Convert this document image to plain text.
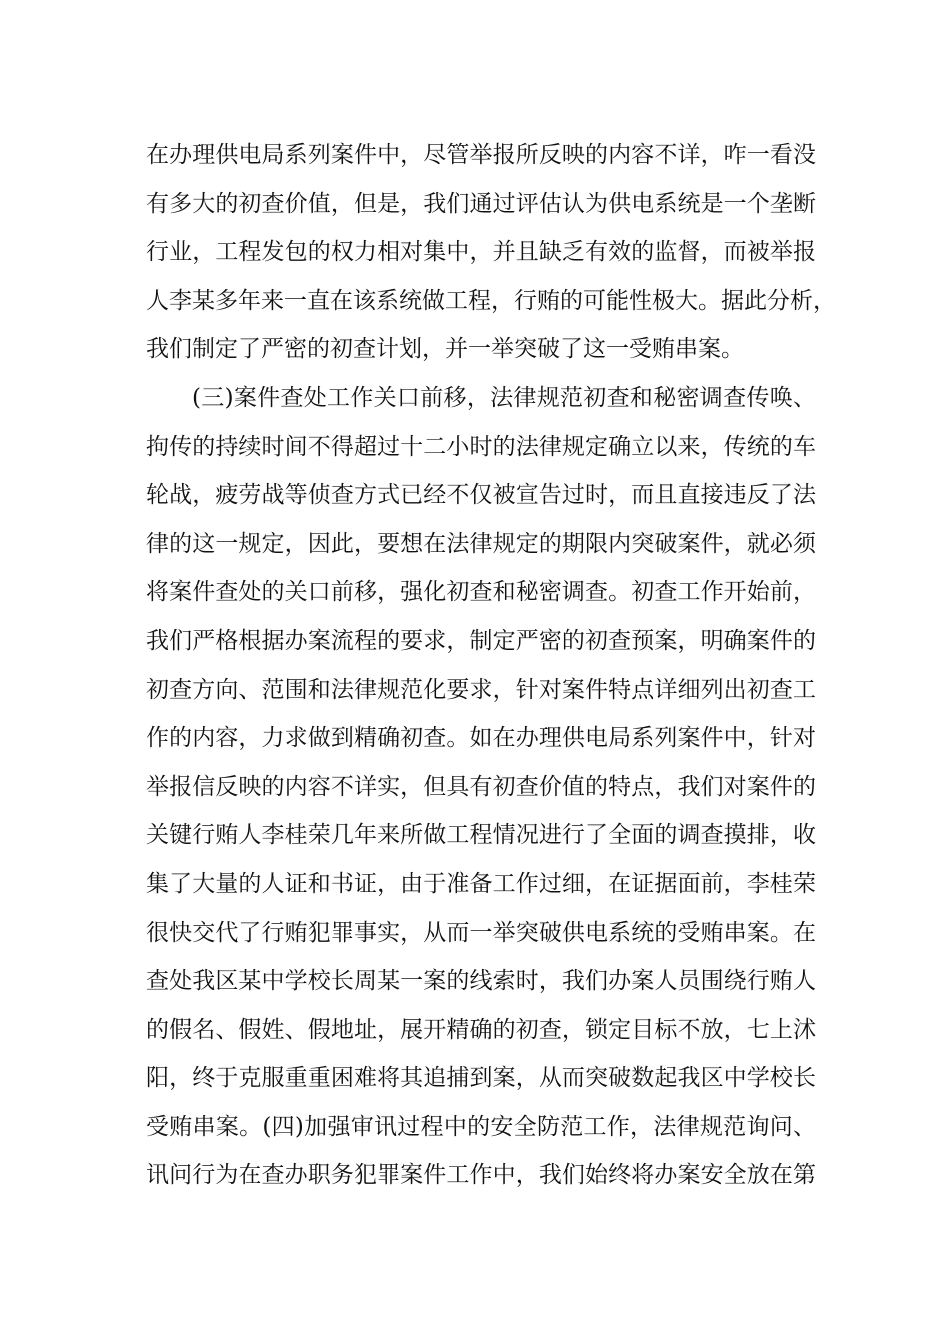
在办理供电局系列案件中，尽管举报所反映的内容不详，咋一看没
有多大的初查价值，但是，我们通过评估认为供电系统是一个垄断
行业，工程发包的权力相对集中，并且缺乏有效的监督，而被举报
人李某多年来一直在该系统做工程，行贿的可能性极大。据此分析，
我们制定了严密的初查计划，并一举突破了这一受贿串案。
(三)案件查处工作关口前移，法律规范初查和秘密调查传唤、
拘传的持续时间不得超过十二小时的法律规定确立以来，传统的车
轮战，疲劳战等侦查方式已经不仅被宣告过时，而且直接违反了法
律的这一规定，因此，要想在法律规定的期限内突破案件，就必须
将案件查处的关口前移，强化初查和秘密调查。初查工作开始前，
我们严格根据办案流程的要求，制定严密的初查预案，明确案件的
初查方向、范围和法律规范化要求，针对案件特点详细列出初查工
作的内容，力求做到精确初查。如在办理供电局系列案件中，针对
举报信反映的内容不详实，但具有初查价值的特点，我们对案件的
关键行贿人李桂荣几年来所做工程情况进行了全面的调查摸排，收
集了大量的人证和书证，由于准备工作过细，在证据面前，李桂荣
很快交代了行贿犯罪事实，从而一举突破供电系统的受贿串案。在
查处我区某中学校长周某一案的线索时，我们办案人员围绕行贿人
的假名、假姓、假地址，展开精确的初查，锁定目标不放，七上沭
阳，终于克服重重困难将其追捕到案，从而突破数起我区中学校长
受贿串案。(四)加强审讯过程中的安全防范工作，法律规范询问、
讯问行为在查办职务犯罪案件工作中，我们始终将办案安全放在第
